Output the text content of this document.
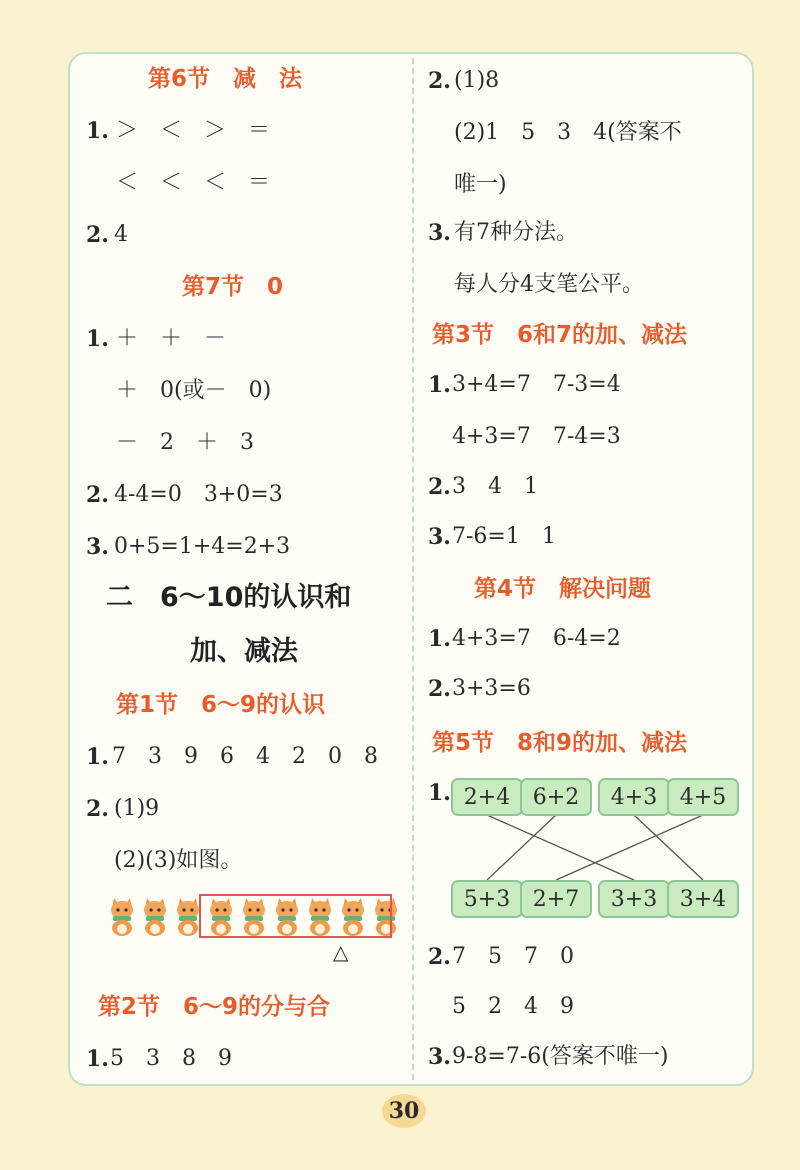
第6节　减　法
1. ＞　＜　＞　＝
＜　＜　＜　＝
2. 4
第7节　0
1. ＋　＋　－
＋　0(或－　0)
－　2　＋　3
2. 4-4=0　3+0=3
3. 0+5=1+4=2+3
二　6～10的认识和
加、减法
第1节　6～9的认识
1. 7　3　9　6　4　2　0　8
2. (1)9
(2)(3)如图。
△
第2节　6～9的分与合
1. 5　3　8　9
2. (1)8
(2)1　5　3　4(答案不
唯一)
3. 有7种分法。
每人分4支笔公平。
第3节　6和7的加、减法
1. 3+4=7　7-3=4
4+3=7　7-4=3
2. 3　4　1
3. 7-6=1　1
第4节　解决问题
1. 4+3=7　6-4=2
2. 3+3=6
第5节　8和9的加、减法
1. 2+4	6+2	4+3	4+5
5+3	2+7	3+3	3+4
2. 7　5　7　0
5　2　4　9
3. 9-8=7-6(答案不唯一)
30
